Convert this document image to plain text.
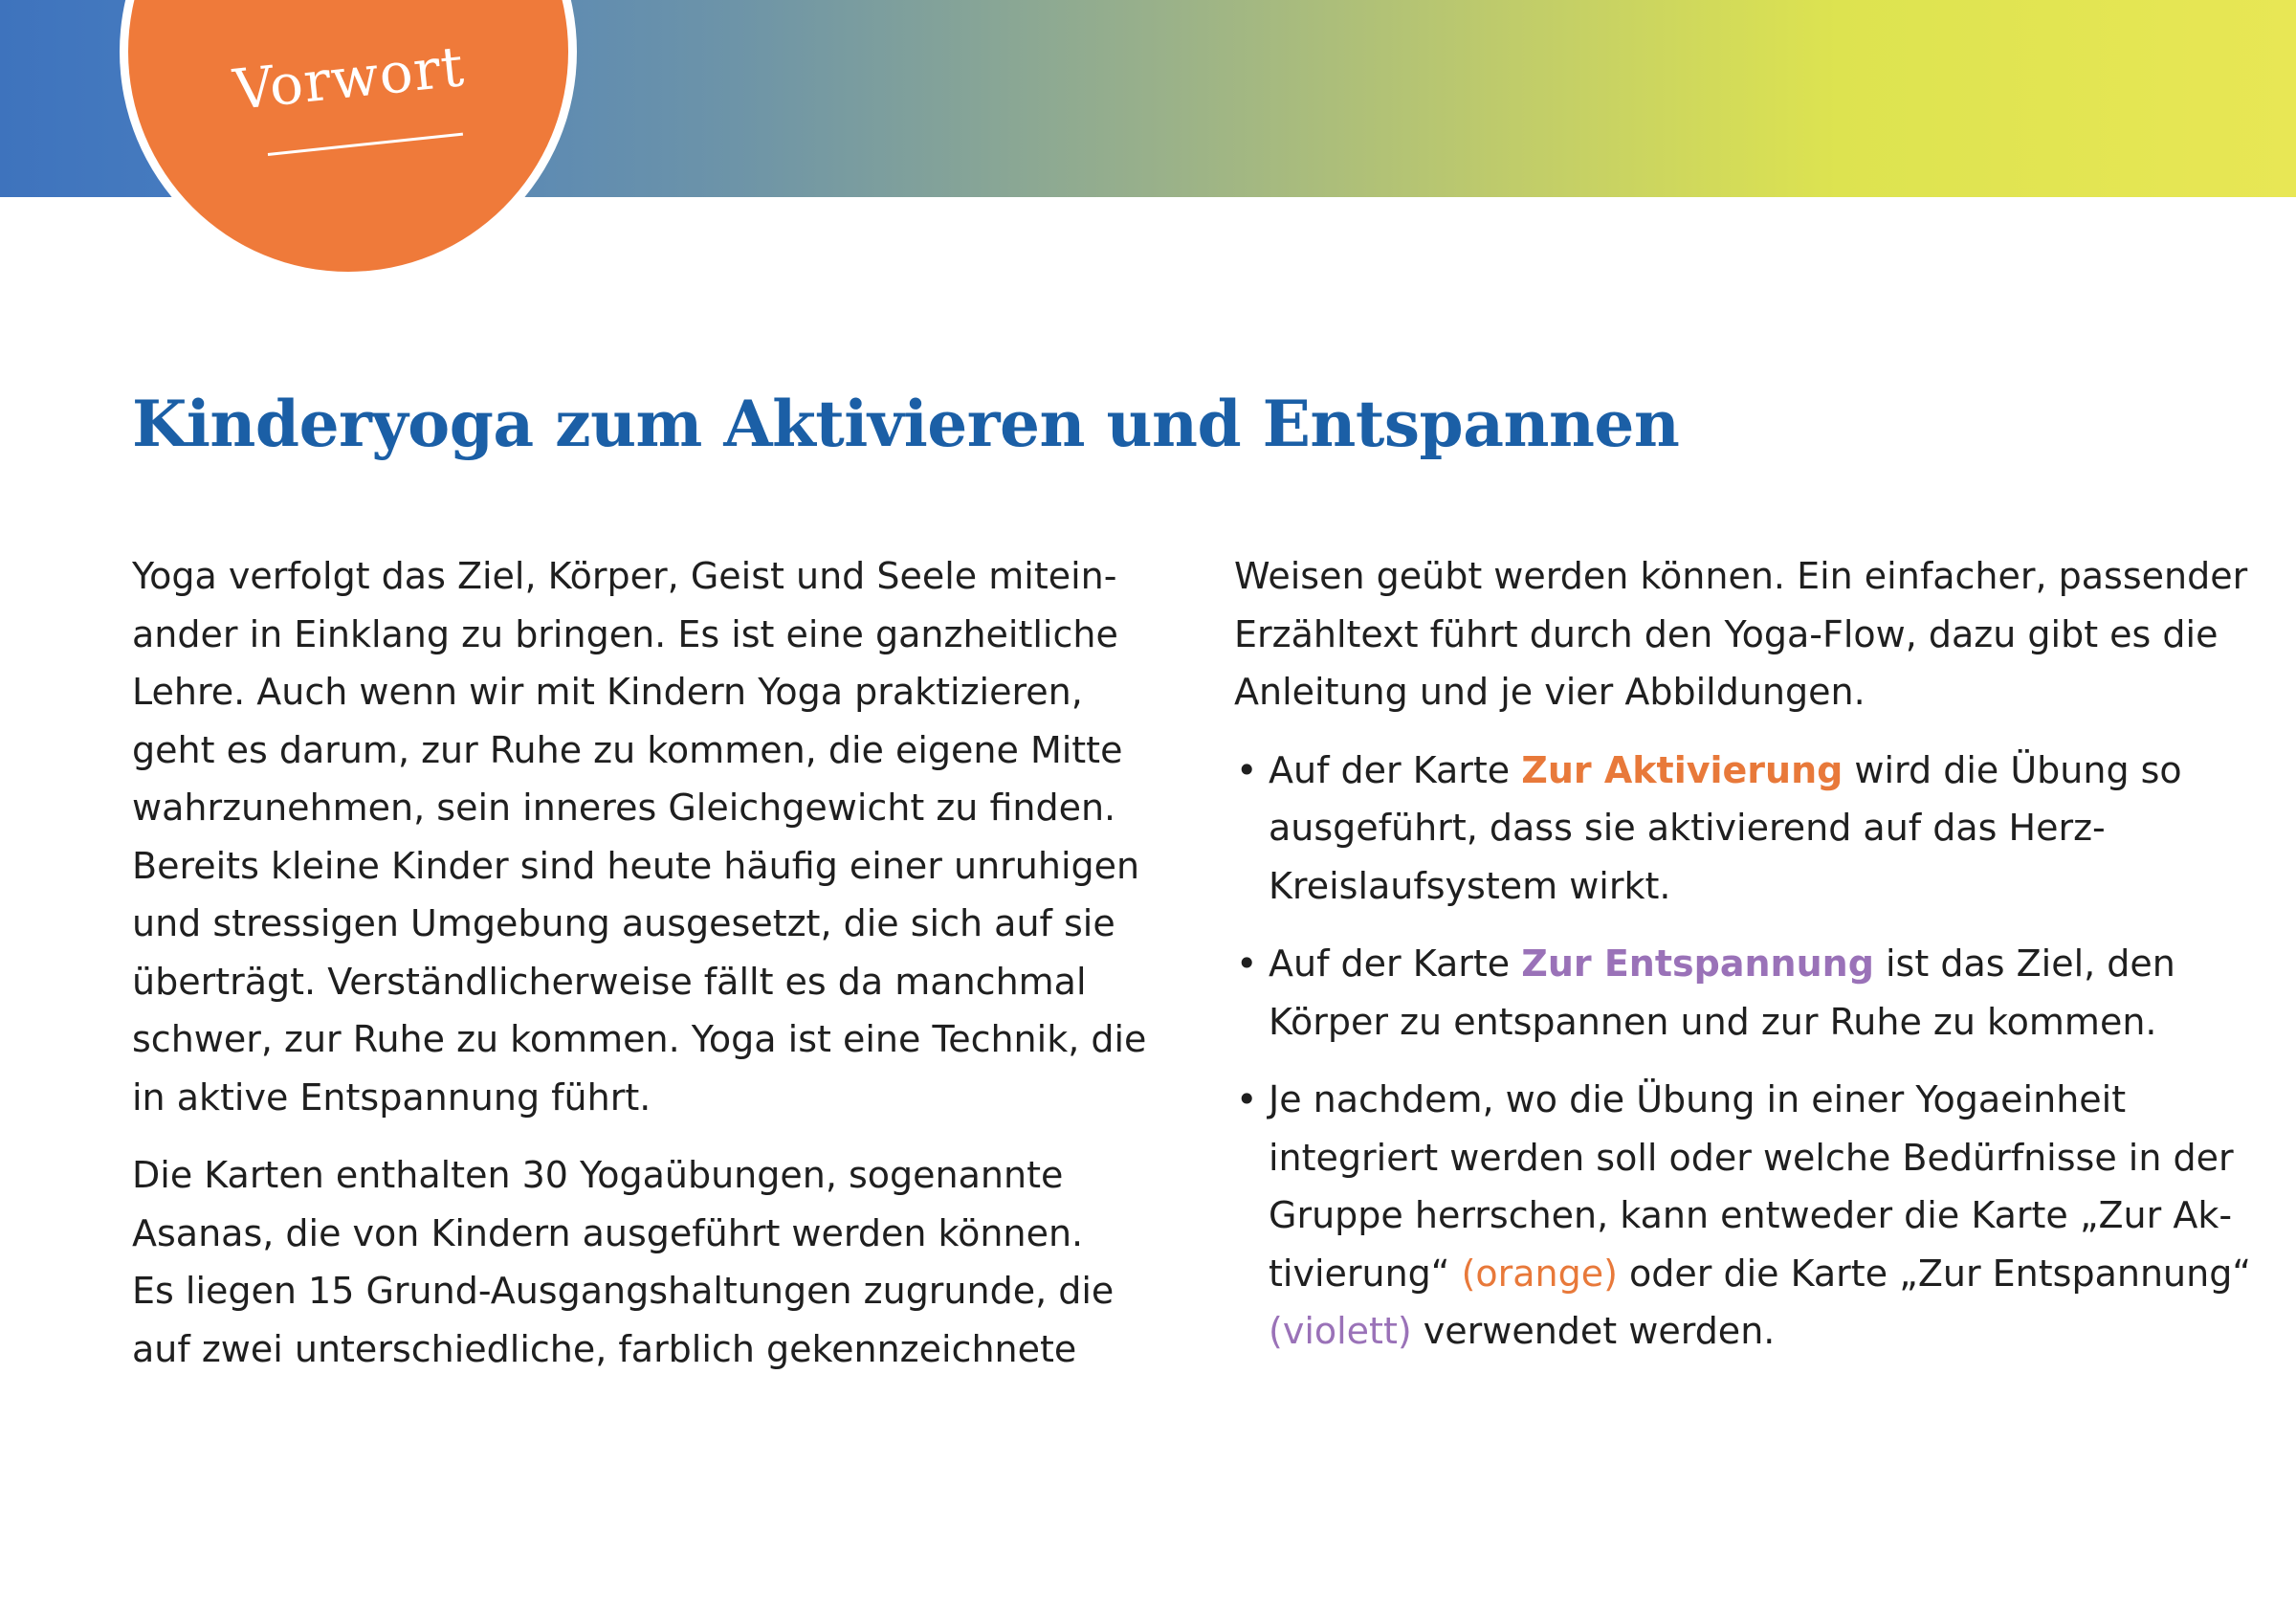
Vorwort
Kinderyoga zum Aktivieren und Entspannen

Yoga verfolgt das Ziel, Körper, Geist und Seele mitein-
ander in Einklang zu bringen. Es ist eine ganzheitliche
Lehre. Auch wenn wir mit Kindern Yoga praktizieren,
geht es darum, zur Ruhe zu kommen, die eigene Mitte
wahrzunehmen, sein inneres Gleichgewicht zu finden.
Bereits kleine Kinder sind heute häufig einer unruhigen
und stressigen Umgebung ausgesetzt, die sich auf sie
überträgt. Verständlicherweise fällt es da manchmal
schwer, zur Ruhe zu kommen. Yoga ist eine Technik, die
in aktive Entspannung führt.

Die Karten enthalten 30 Yogaübungen, sogenannte
Asanas, die von Kindern ausgeführt werden können.
Es liegen 15 Grund-Ausgangshaltungen zugrunde, die
auf zwei unterschiedliche, farblich gekennzeichnete

Weisen geübt werden können. Ein einfacher, passender
Erzähltext führt durch den Yoga-Flow, dazu gibt es die
Anleitung und je vier Abbildungen.

• Auf der Karte Zur Aktivierung wird die Übung so
ausgeführt, dass sie aktivierend auf das Herz-
Kreislaufsystem wirkt.
• Auf der Karte Zur Entspannung ist das Ziel, den
Körper zu entspannen und zur Ruhe zu kommen.
• Je nachdem, wo die Übung in einer Yogaeinheit
integriert werden soll oder welche Bedürfnisse in der
Gruppe herrschen, kann entweder die Karte „Zur Ak-
tivierung“ (orange) oder die Karte „Zur Entspannung“
(violett) verwendet werden.
